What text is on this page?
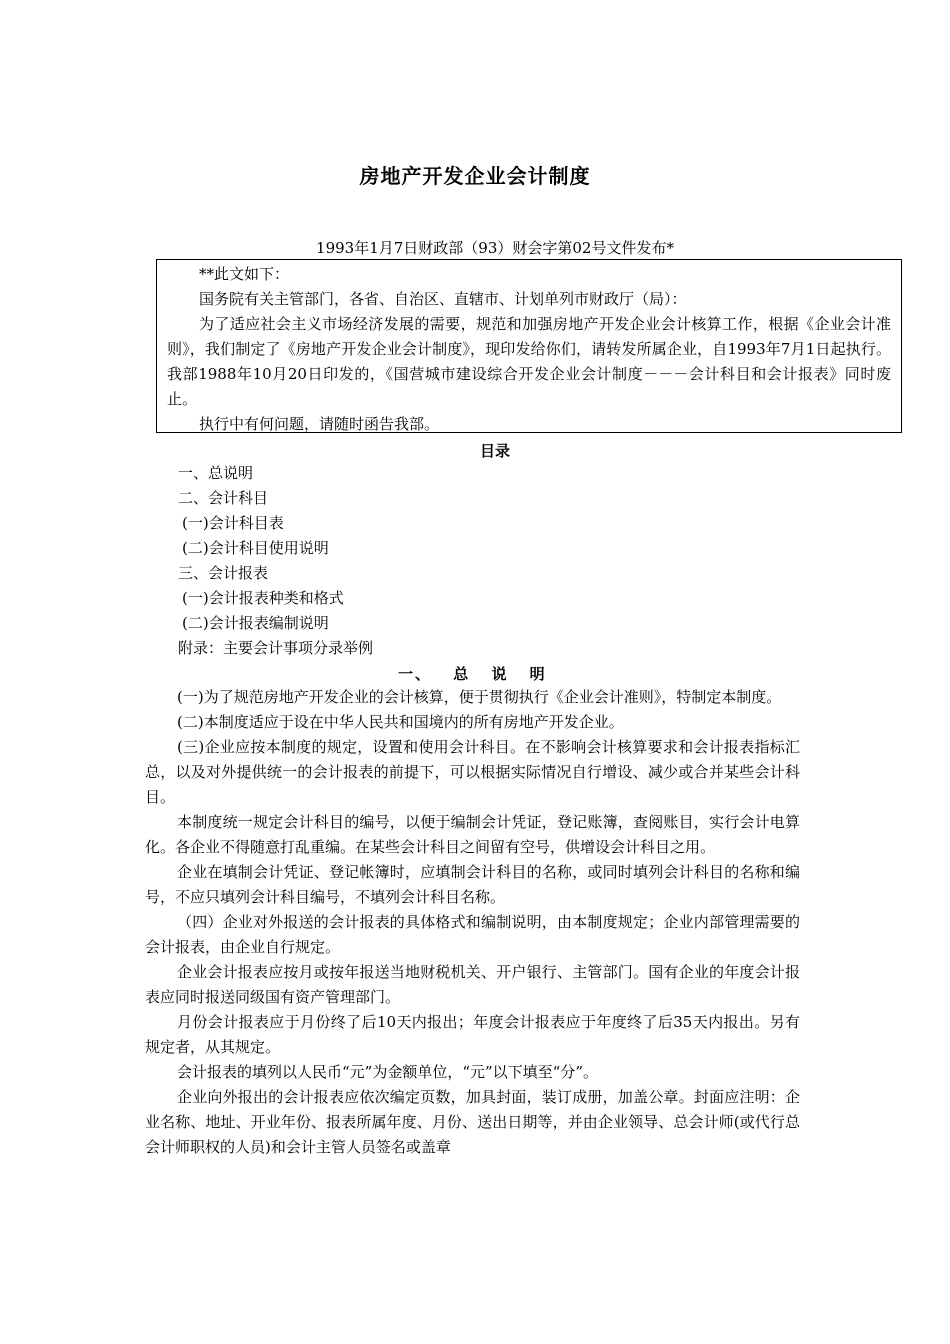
房地产开发企业会计制度
1993年1月7日财政部（93）财会字第02号文件发布*

**此文如下：

国务院有关主管部门，各省、自治区、直辖市、计划单列市财政厅（局）：

为了适应社会主义市场经济发展的需要，规范和加强房地产开发企业会计核算工作，根据《企业会计准则》，我们制定了《房地产开发企业会计制度》，现印发给你们，请转发所属企业，自1993年7月1日起执行。我部1988年10月20日印发的，《国营城市建设综合开发企业会计制度－－－会计科目和会计报表》同时废止。

执行中有何问题，请随时函告我部。

目录
一、总说明
二、会计科目
(一)会计科目表
(二)会计科目使用说明
三、会计报表
(一)会计报表种类和格式
(二)会计报表编制说明
附录：主要会计事项分录举例
一、 总 说 明

(一)为了规范房地产开发企业的会计核算，便于贯彻执行《企业会计准则》，特制定本制度。

(二)本制度适应于设在中华人民共和国境内的所有房地产开发企业。

(三)企业应按本制度的规定，设置和使用会计科目。在不影响会计核算要求和会计报表指标汇总，以及对外提供统一的会计报表的前提下，可以根据实际情况自行增设、减少或合并某些会计科目。

本制度统一规定会计科目的编号，以便于编制会计凭证，登记账簿，查阅账目，实行会计电算化。各企业不得随意打乱重编。在某些会计科目之间留有空号，供增设会计科目之用。

企业在填制会计凭证、登记帐簿时，应填制会计科目的名称，或同时填列会计科目的名称和编号，不应只填列会计科目编号，不填列会计科目名称。

（四）企业对外报送的会计报表的具体格式和编制说明，由本制度规定；企业内部管理需要的会计报表，由企业自行规定。

企业会计报表应按月或按年报送当地财税机关、开户银行、主管部门。国有企业的年度会计报表应同时报送同级国有资产管理部门。

月份会计报表应于月份终了后10天内报出；年度会计报表应于年度终了后35天内报出。另有规定者，从其规定。

会计报表的填列以人民币“元”为金额单位，“元”以下填至“分”。

企业向外报出的会计报表应依次编定页数，加具封面，装订成册，加盖公章。封面应注明：企业名称、地址、开业年份、报表所属年度、月份、送出日期等，并由企业领导、总会计师(或代行总会计师职权的人员)和会计主管人员签名或盖章
